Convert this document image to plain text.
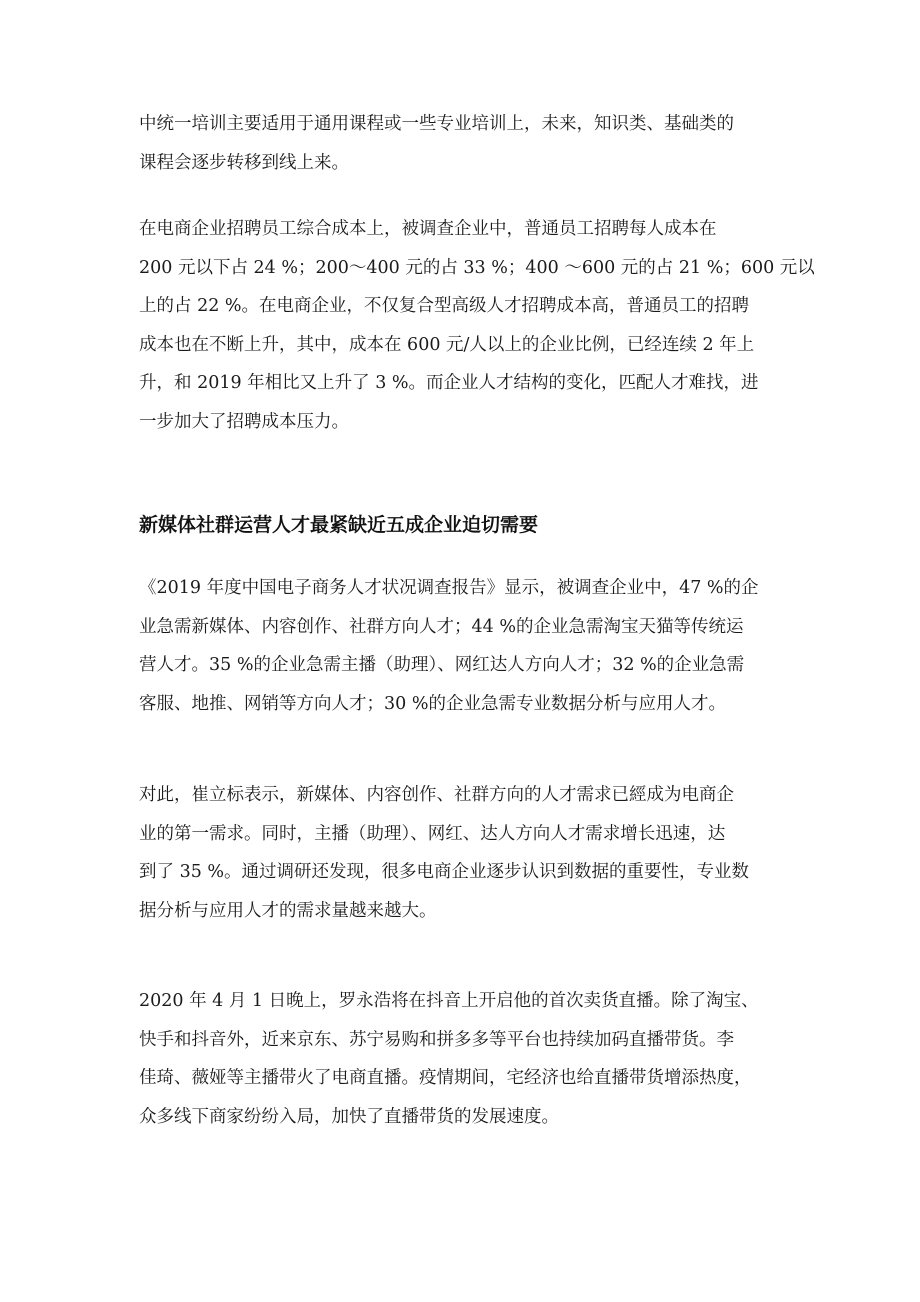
中统一培训主要适用于通用课程或一些专业培训上，未来，知识类、基础类的
课程会逐步转移到线上来。
在电商企业招聘员工综合成本上，被调查企业中，普通员工招聘每人成本在
200 元以下占 24 %；200～400 元的占 33 %；400 ～600 元的占 21 %；600 元以
上的占 22 %。在电商企业，不仅复合型高级人才招聘成本高，普通员工的招聘
成本也在不断上升，其中，成本在 600 元/人以上的企业比例，已经连续 2 年上
升，和 2019 年相比又上升了 3 %。而企业人才结构的变化，匹配人才难找，进
一步加大了招聘成本压力。
新媒体社群运营人才最紧缺近五成企业迫切需要
《2019 年度中国电子商务人才状况调查报告》显示，被调查企业中，47 %的企
业急需新媒体、内容创作、社群方向人才；44 %的企业急需淘宝天猫等传统运
营人才。35 %的企业急需主播（助理）、网红达人方向人才；32 %的企业急需
客服、地推、网销等方向人才；30 %的企业急需专业数据分析与应用人才。
对此，崔立标表示，新媒体、内容创作、社群方向的人才需求已經成为电商企
业的第一需求。同时，主播（助理）、网红、达人方向人才需求增长迅速，达
到了 35 %。通过调研还发现，很多电商企业逐步认识到数据的重要性，专业数
据分析与应用人才的需求量越来越大。
2020 年 4 月 1 日晚上，罗永浩将在抖音上开启他的首次卖货直播。除了淘宝、
快手和抖音外，近来京东、苏宁易购和拼多多等平台也持续加码直播带货。李
佳琦、薇娅等主播带火了电商直播。疫情期间，宅经济也给直播带货增添热度，
众多线下商家纷纷入局，加快了直播带货的发展速度。
